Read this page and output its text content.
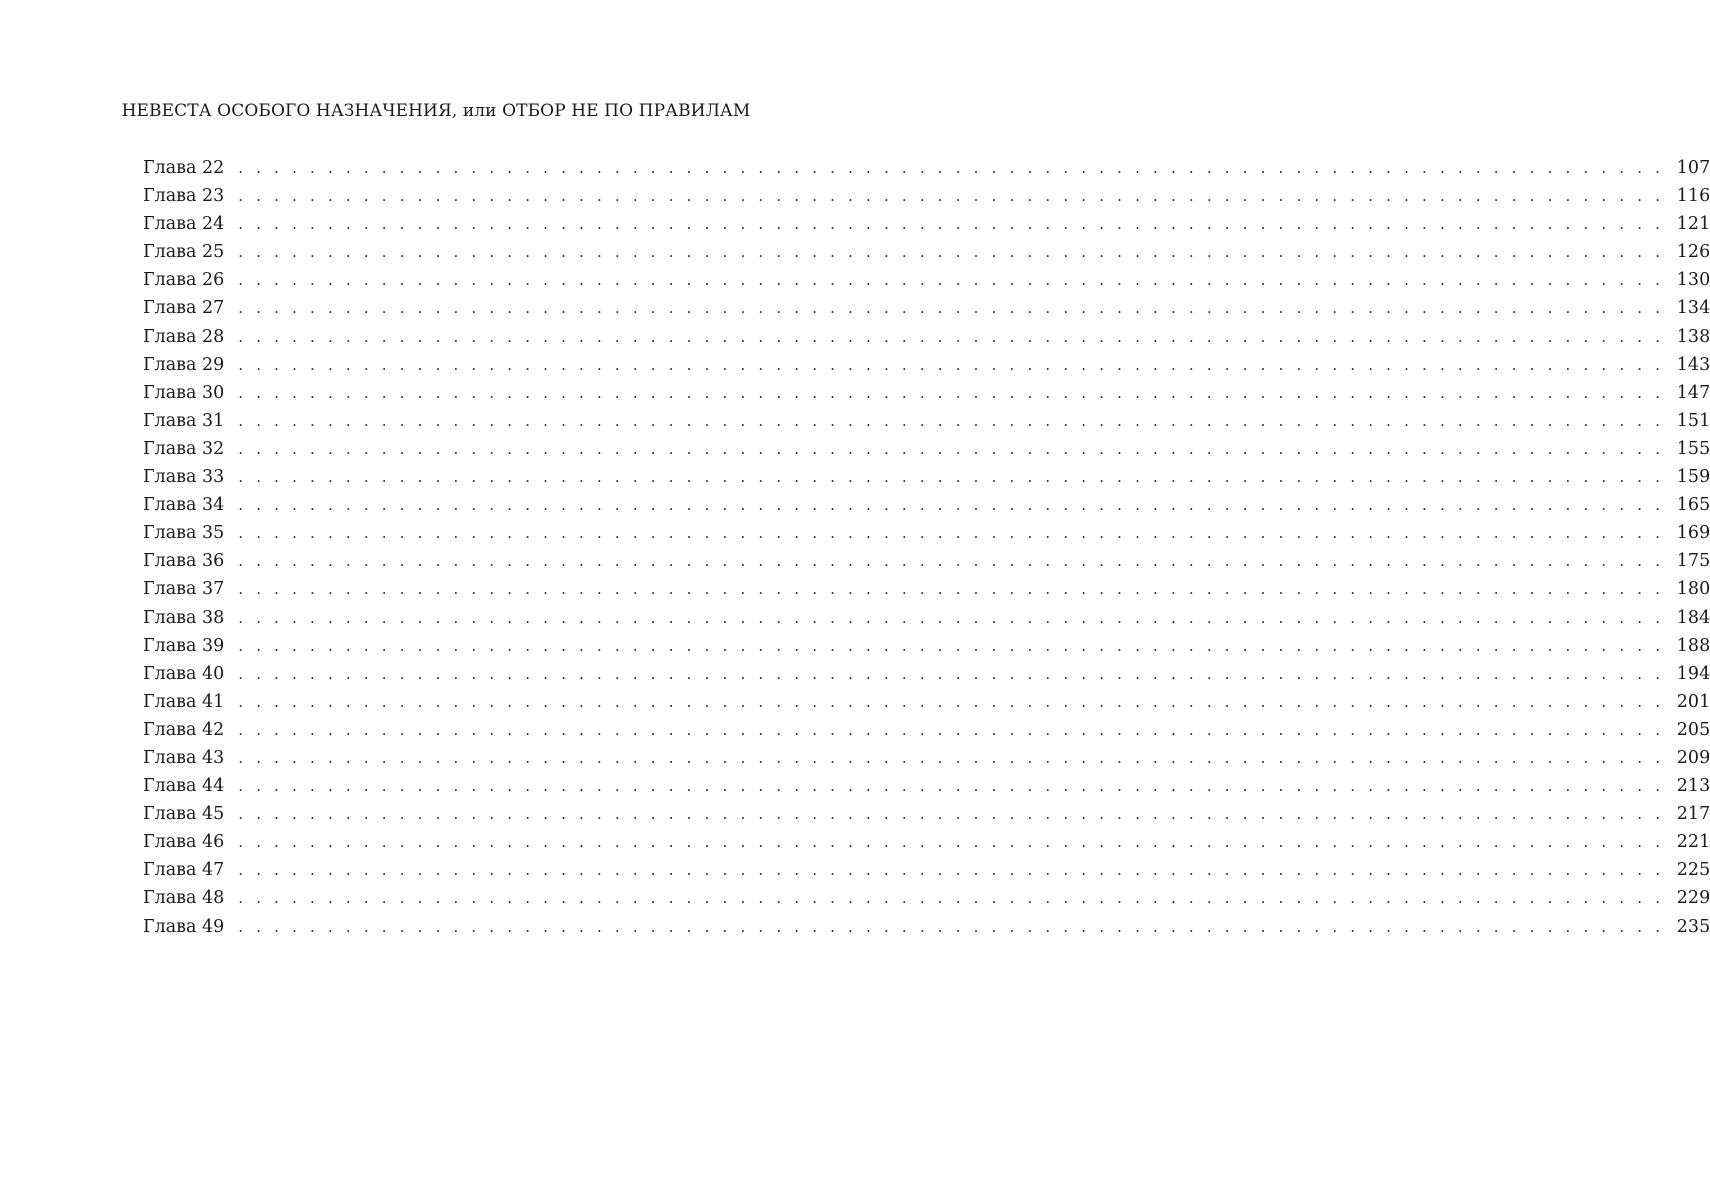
НЕВЕСТА ОСОБОГО НАЗНАЧЕНИЯ, или ОТБОР НЕ ПО ПРАВИЛАМ
Глава 22 . . . . . . . . . . . . . . . . . . . . . . . . . . . . . . . . . . . . . . . . . . . . . . . . . . . . . . . . . . . . . . . . . . . . . . . . . . . . . . . . 107
Глава 23 . . . . . . . . . . . . . . . . . . . . . . . . . . . . . . . . . . . . . . . . . . . . . . . . . . . . . . . . . . . . . . . . . . . . . . . . . . . . . . . . 116
Глава 24 . . . . . . . . . . . . . . . . . . . . . . . . . . . . . . . . . . . . . . . . . . . . . . . . . . . . . . . . . . . . . . . . . . . . . . . . . . . . . . . . 121
Глава 25 . . . . . . . . . . . . . . . . . . . . . . . . . . . . . . . . . . . . . . . . . . . . . . . . . . . . . . . . . . . . . . . . . . . . . . . . . . . . . . . . 126
Глава 26 . . . . . . . . . . . . . . . . . . . . . . . . . . . . . . . . . . . . . . . . . . . . . . . . . . . . . . . . . . . . . . . . . . . . . . . . . . . . . . . . 130
Глава 27 . . . . . . . . . . . . . . . . . . . . . . . . . . . . . . . . . . . . . . . . . . . . . . . . . . . . . . . . . . . . . . . . . . . . . . . . . . . . . . . . 134
Глава 28 . . . . . . . . . . . . . . . . . . . . . . . . . . . . . . . . . . . . . . . . . . . . . . . . . . . . . . . . . . . . . . . . . . . . . . . . . . . . . . . . 138
Глава 29 . . . . . . . . . . . . . . . . . . . . . . . . . . . . . . . . . . . . . . . . . . . . . . . . . . . . . . . . . . . . . . . . . . . . . . . . . . . . . . . . 143
Глава 30 . . . . . . . . . . . . . . . . . . . . . . . . . . . . . . . . . . . . . . . . . . . . . . . . . . . . . . . . . . . . . . . . . . . . . . . . . . . . . . . . 147
Глава 31 . . . . . . . . . . . . . . . . . . . . . . . . . . . . . . . . . . . . . . . . . . . . . . . . . . . . . . . . . . . . . . . . . . . . . . . . . . . . . . . . 151
Глава 32 . . . . . . . . . . . . . . . . . . . . . . . . . . . . . . . . . . . . . . . . . . . . . . . . . . . . . . . . . . . . . . . . . . . . . . . . . . . . . . . . 155
Глава 33 . . . . . . . . . . . . . . . . . . . . . . . . . . . . . . . . . . . . . . . . . . . . . . . . . . . . . . . . . . . . . . . . . . . . . . . . . . . . . . . . 159
Глава 34 . . . . . . . . . . . . . . . . . . . . . . . . . . . . . . . . . . . . . . . . . . . . . . . . . . . . . . . . . . . . . . . . . . . . . . . . . . . . . . . . 165
Глава 35 . . . . . . . . . . . . . . . . . . . . . . . . . . . . . . . . . . . . . . . . . . . . . . . . . . . . . . . . . . . . . . . . . . . . . . . . . . . . . . . . 169
Глава 36 . . . . . . . . . . . . . . . . . . . . . . . . . . . . . . . . . . . . . . . . . . . . . . . . . . . . . . . . . . . . . . . . . . . . . . . . . . . . . . . . 175
Глава 37 . . . . . . . . . . . . . . . . . . . . . . . . . . . . . . . . . . . . . . . . . . . . . . . . . . . . . . . . . . . . . . . . . . . . . . . . . . . . . . . . 180
Глава 38 . . . . . . . . . . . . . . . . . . . . . . . . . . . . . . . . . . . . . . . . . . . . . . . . . . . . . . . . . . . . . . . . . . . . . . . . . . . . . . . . 184
Глава 39 . . . . . . . . . . . . . . . . . . . . . . . . . . . . . . . . . . . . . . . . . . . . . . . . . . . . . . . . . . . . . . . . . . . . . . . . . . . . . . . . 188
Глава 40 . . . . . . . . . . . . . . . . . . . . . . . . . . . . . . . . . . . . . . . . . . . . . . . . . . . . . . . . . . . . . . . . . . . . . . . . . . . . . . . . 194
Глава 41 . . . . . . . . . . . . . . . . . . . . . . . . . . . . . . . . . . . . . . . . . . . . . . . . . . . . . . . . . . . . . . . . . . . . . . . . . . . . . . . . 201
Глава 42 . . . . . . . . . . . . . . . . . . . . . . . . . . . . . . . . . . . . . . . . . . . . . . . . . . . . . . . . . . . . . . . . . . . . . . . . . . . . . . . . 205
Глава 43 . . . . . . . . . . . . . . . . . . . . . . . . . . . . . . . . . . . . . . . . . . . . . . . . . . . . . . . . . . . . . . . . . . . . . . . . . . . . . . . . 209
Глава 44 . . . . . . . . . . . . . . . . . . . . . . . . . . . . . . . . . . . . . . . . . . . . . . . . . . . . . . . . . . . . . . . . . . . . . . . . . . . . . . . . 213
Глава 45 . . . . . . . . . . . . . . . . . . . . . . . . . . . . . . . . . . . . . . . . . . . . . . . . . . . . . . . . . . . . . . . . . . . . . . . . . . . . . . . . 217
Глава 46 . . . . . . . . . . . . . . . . . . . . . . . . . . . . . . . . . . . . . . . . . . . . . . . . . . . . . . . . . . . . . . . . . . . . . . . . . . . . . . . . 221
Глава 47 . . . . . . . . . . . . . . . . . . . . . . . . . . . . . . . . . . . . . . . . . . . . . . . . . . . . . . . . . . . . . . . . . . . . . . . . . . . . . . . . 225
Глава 48 . . . . . . . . . . . . . . . . . . . . . . . . . . . . . . . . . . . . . . . . . . . . . . . . . . . . . . . . . . . . . . . . . . . . . . . . . . . . . . . . 229
Глава 49 . . . . . . . . . . . . . . . . . . . . . . . . . . . . . . . . . . . . . . . . . . . . . . . . . . . . . . . . . . . . . . . . . . . . . . . . . . . . . . . . 235
